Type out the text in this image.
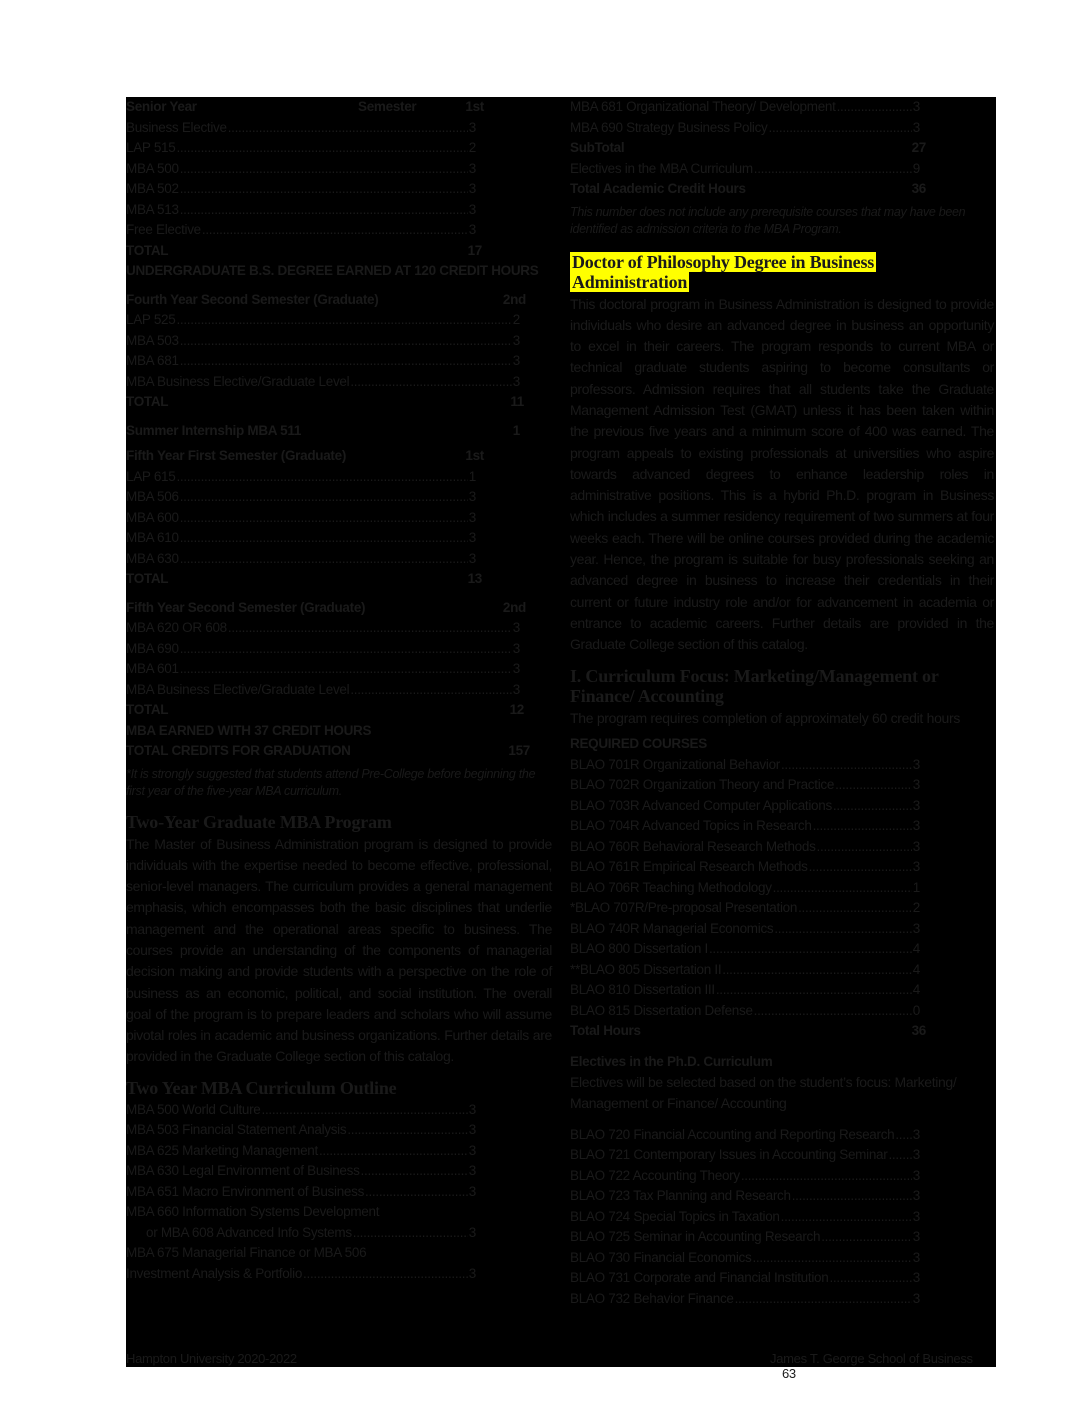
Senior Year	Semester	1st
Business Elective .....	3
LAP 515 .....	2
MBA 500 .....	3
MBA 502 .....	3
MBA 513 .....	3
Free Elective .....	3
TOTAL	17
UNDERGRADUATE B.S. DEGREE EARNED AT 120 CREDIT HOURS
Fourth Year Second Semester (Graduate)	2nd
LAP 525 .....	2
MBA 503 .....	3
MBA 681 .....	3
MBA Business Elective/Graduate Level .....	3
TOTAL	11
Summer Internship MBA 511	1
Fifth Year First Semester (Graduate)	1st
LAP 615 .....	1
MBA 506 .....	3
MBA 600 .....	3
MBA 610 .....	3
MBA 630 .....	3
TOTAL	13
Fifth Year Second Semester (Graduate)	2nd
MBA 620 OR 608 .....	3
MBA 690 .....	3
MBA 601 .....	3
MBA Business Elective/Graduate Level .....	3
TOTAL	12
MBA EARNED WITH 37 CREDIT HOURS
TOTAL CREDITS FOR GRADUATION	157
*It is strongly suggested that students attend Pre-College before beginning the first year of the five-year MBA curriculum.
Two-Year Graduate MBA Program
The Master of Business Administration program is designed to provide individuals with the expertise needed to become effective, professional, senior-level managers. The curriculum provides a general management emphasis, which encompasses both the basic disciplines that underlie management and the operational areas specific to business. The courses provide an understanding of the components of managerial decision making and provide students with a perspective on the role of business as an economic, political, and social institution. The overall goal of the program is to prepare leaders and scholars who will assume pivotal roles in academic and business organizations. Further details are provided in the Graduate College section of this catalog.
Two Year MBA Curriculum Outline
MBA 500 World Culture .....	3
MBA 503 Financial Statement Analysis .....	3
MBA 625 Marketing Management .....	3
MBA 630 Legal Environment of Business .....	3
MBA 651 Macro Environment of Business .....	3
MBA 660 Information Systems Development
or MBA 608 Advanced Info Systems .....	3
MBA 675 Managerial Finance or MBA 506
Investment Analysis & Portfolio .....	3
MBA 681 Organizational Theory/ Development .....	3
MBA 690 Strategy Business Policy .....	3
SubTotal	27
Electives in the MBA Curriculum .....	9
Total Academic Credit Hours	36
This number does not include any prerequisite courses that may have been identified as admission criteria to the MBA Program.
Doctor of Philosophy Degree in Business
Administration
This doctoral program in Business Administration is designed to provide individuals who desire an advanced degree in business an opportunity to excel in their careers. The program responds to current MBA or technical graduate students aspiring to become consultants or professors. Admission requires that all students take the Graduate Management Admission Test (GMAT) unless it has been taken within the previous five years and a minimum score of 400 was earned. The program appeals to existing professionals at universities who aspire towards advanced degrees to enhance leadership roles in administrative positions. This is a hybrid Ph.D. program in Business which includes a summer residency requirement of two summers at four weeks each. There will be online courses provided during the academic year. Hence, the program is suitable for busy professionals seeking an advanced degree in business to increase their credentials in their current or future industry role and/or for advancement in academia or entrance to academic careers. Further details are provided in the Graduate College section of this catalog.
I. Curriculum Focus: Marketing/Management or Finance/ Accounting
The program requires completion of approximately 60 credit hours
REQUIRED COURSES
BLAO 701R Organizational Behavior .....	3
BLAO 702R Organization Theory and Practice .....	3
BLAO 703R Advanced Computer Applications .....	3
BLAO 704R Advanced Topics in Research .....	3
BLAO 760R Behavioral Research Methods .....	3
BLAO 761R Empirical Research Methods .....	3
BLAO 706R Teaching Methodology .....	1
*BLAO 707R/Pre-proposal Presentation .....	2
BLAO 740R Managerial Economics .....	3
BLAO 800 Dissertation I .....	4
**BLAO 805 Dissertation II .....	4
BLAO 810 Dissertation III .....	4
BLAO 815 Dissertation Defense .....	0
Total Hours	36
Electives in the Ph.D. Curriculum
Electives will be selected based on the student’s focus: Marketing/ Management or Finance/ Accounting
BLAO 720 Financial Accounting and Reporting Research ..... 3
BLAO 721 Contemporary Issues in Accounting Seminar ..... 3
BLAO 722 Accounting Theory .....	3
BLAO 723 Tax Planning and Research .....	3
BLAO 724 Special Topics in Taxation .....	3
BLAO 725 Seminar in Accounting Research .....	3
BLAO 730 Financial Economics .....	3
BLAO 731 Corporate and Financial Institution .....	3
BLAO 732 Behavior Finance .....	3
Hampton University 2020-2022	James T. George School of Business 63
